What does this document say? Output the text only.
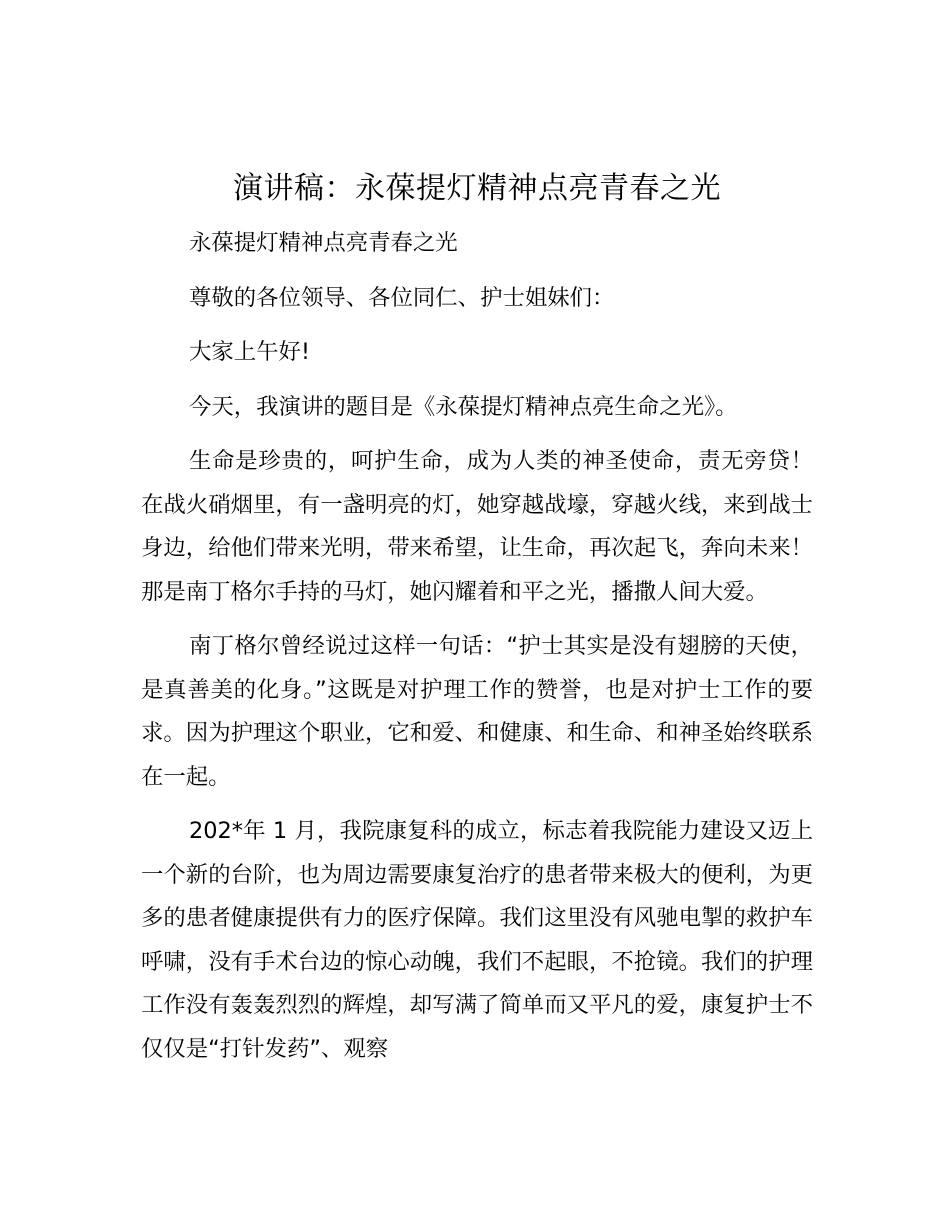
演讲稿：永葆提灯精神点亮青春之光

永葆提灯精神点亮青春之光

尊敬的各位领导、各位同仁、护士姐妹们：

大家上午好!

今天，我演讲的题目是《永葆提灯精神点亮生命之光》。

生命是珍贵的，呵护生命，成为人类的神圣使命，责无旁贷！在战火硝烟里，有一盏明亮的灯，她穿越战壕，穿越火线，来到战士身边，给他们带来光明，带来希望，让生命，再次起飞，奔向未来！那是南丁格尔手持的马灯，她闪耀着和平之光，播撒人间大爱。

南丁格尔曾经说过这样一句话：“护士其实是没有翅膀的天使，是真善美的化身。”这既是对护理工作的赞誉，也是对护士工作的要求。因为护理这个职业，它和爱、和健康、和生命、和神圣始终联系在一起。

202*年 1 月，我院康复科的成立，标志着我院能力建设又迈上一个新的台阶，也为周边需要康复治疗的患者带来极大的便利，为更多的患者健康提供有力的医疗保障。我们这里没有风驰电掣的救护车呼啸，没有手术台边的惊心动魄，我们不起眼，不抢镜。我们的护理工作没有轰轰烈烈的辉煌，却写满了简单而又平凡的爱，康复护士不仅仅是“打针发药”、观察
